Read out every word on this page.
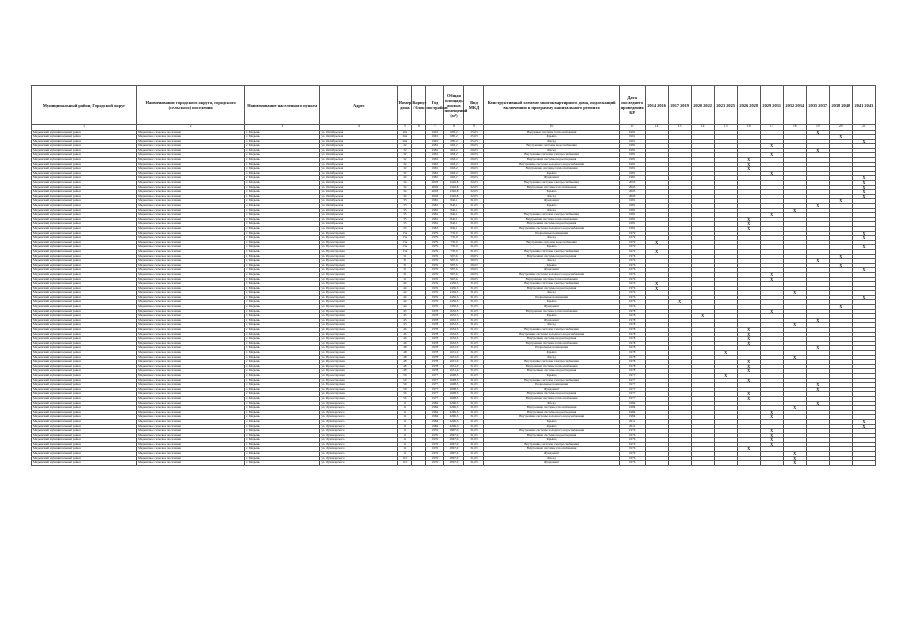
Муниципальный район, Городской округ	Наименование городского округа, городского (сельского) поселения	Наименование населенного пункта	Адрес	Номер дома	Корпус / блок	Год постройки	Общая площадь жилых помещений (м²)	Вид МКД	Конструктивный элемент многоквартирного дома, подлежащий включению в программу капитального ремонта	Дата последнего проведения КР	2014 2016	2017 2019	2020 2022	2023 2025	2026 2028	2029 2031	2032 2034	2035 2037	2038 2040	2041 2043
1	2	3	4	5	6	7	8	9	10	11	12	13	14	15	16	17	18	19	20	21
Медынский муниципальный район	Медынское сельское поселение	г. Медынь	ул. Октябрьская	26а		1991	685,2	25,03	Наружные системы теплоснабжения	1991								X		
Медынский муниципальный район	Медынское сельское поселение	г. Медынь	ул. Октябрьская	26а		1991	685,2	25,03	Крыша	1991									X	
Медынский муниципальный район	Медынское сельское поселение	г. Медынь	ул. Октябрьская	26а		1991	685,2	25,03	Фасад	1991										X
Медынский муниципальный район	Медынское сельское поселение	г. Медынь	ул. Октябрьская	32		1981	663,2	29,03	Внутренние системы водоснабжения	1981						X				
Медынский муниципальный район	Медынское сельское поселение	г. Медынь	ул. Октябрьская	32		1981	663,2	29,03	Фасад	1981								X		
Медынский муниципальный район	Медынское сельское поселение	г. Медынь	ул. Октябрьская	32		1981	663,2	29,03	Внутренние системы электроснабжения	1981						X				
Медынский муниципальный район	Медынское сельское поселение	г. Медынь	ул. Октябрьская	32		1981	663,2	29,03	Внутренние системы водоотведения	1981					X					
Медынский муниципальный район	Медынское сельское поселение	г. Медынь	ул. Октябрьская	32		1981	663,2	29,03	Внутренние системы холодного водоснабжения	1981					X					
Медынский муниципальный район	Медынское сельское поселение	г. Медынь	ул. Октябрьская	32		1981	663,2	29,03	Внутренние системы теплоснабжения	1981					X					
Медынский муниципальный район	Медынское сельское поселение	г. Медынь	ул. Октябрьская	32		1981	663,2	29,03	Крыша	1981						X				
Медынский муниципальный район	Медынское сельское поселение	г. Медынь	ул. Октябрьская	32		1981	663,2	29,03	Фундамент	1981										X
Медынский муниципальный район	Медынское сельское поселение	г. Медынь	ул. Октябрьская	34		2003	1326,8	32,03	Внутренние системы электроснабжения	2003										X
Медынский муниципальный район	Медынское сельское поселение	г. Медынь	ул. Октябрьская	34		2003	1326,8	32,03	Внутренние системы газоснабжения	2003										X
Медынский муниципальный район	Медынское сельское поселение	г. Медынь	ул. Октябрьская	34		2003	1326,8	32,03	Крыша	2003										X
Медынский муниципальный район	Медынское сельское поселение	г. Медынь	ул. Октябрьская	34		2003	1326,8	32,03	Фасад	2003										X
Медынский муниципальный район	Медынское сельское поселение	г. Медынь	ул. Октябрьская	35		1981	842,1	31,03	Фундамент	1981									X	
Медынский муниципальный район	Медынское сельское поселение	г. Медынь	ул. Октябрьская	35		1981	842,1	31,03	Крыша	1981								X		
Медынский муниципальный район	Медынское сельское поселение	г. Медынь	ул. Октябрьская	35		1981	842,1	31,03	Фасад	1981							X			
Медынский муниципальный район	Медынское сельское поселение	г. Медынь	ул. Октябрьская	35		1981	842,1	31,03	Внутренние системы электроснабжения	1981						X				
Медынский муниципальный район	Медынское сельское поселение	г. Медынь	ул. Октябрьская	35		1981	842,1	31,03	Внутренние системы теплоснабжения	1981					X					
Медынский муниципальный район	Медынское сельское поселение	г. Медынь	ул. Октябрьская	35		1981	842,1	31,03	Внутренние системы водоотведения	1981					X					
Медынский муниципальный район	Медынское сельское поселение	г. Медынь	ул. Октябрьская	35		1981	842,1	31,03	Внутренние системы холодного водоснабжения	1981					X					
Медынский муниципальный район	Медынское сельское поселение	г. Медынь	ул. Пролетарская	15а		1979	735,0	31,03	Подвальные помещения	1979										X
Медынский муниципальный район	Медынское сельское поселение	г. Медынь	ул. Пролетарская	15а		1979	735,0	31,03	Фасад	1979										X
Медынский муниципальный район	Медынское сельское поселение	г. Медынь	ул. Пролетарская	15а		1979	735,0	31,03	Внутренние системы водоснабжения	1979	X									
Медынский муниципальный район	Медынское сельское поселение	г. Медынь	ул. Пролетарская	15а		1979	735,0	31,03	Крыша	1979										X
Медынский муниципальный район	Медынское сельское поселение	г. Медынь	ул. Пролетарская	15а		1979	735,0	31,03	Внутренние системы электроснабжения	1979	X									
Медынский муниципальный район	Медынское сельское поселение	г. Медынь	ул. Пролетарская	31		1976	967,6	29,03	Внутренние системы водоотведения	1976									X	
Медынский муниципальный район	Медынское сельское поселение	г. Медынь	ул. Пролетарская	31		1976	967,6	29,03	Фасад	1976								X		
Медынский муниципальный район	Медынское сельское поселение	г. Медынь	ул. Пролетарская	31		1976	967,6	29,03	Крыша	1976									X	
Медынский муниципальный район	Медынское сельское поселение	г. Медынь	ул. Пролетарская	31		1976	967,6	29,03	Фундамент	1976										X
Медынский муниципальный район	Медынское сельское поселение	г. Медынь	ул. Пролетарская	31		1976	967,6	29,03	Внутренние системы холодного водоснабжения	1976						X				
Медынский муниципальный район	Медынское сельское поселение	г. Медынь	ул. Пролетарская	31		1976	967,6	29,03	Внутренние системы теплоснабжения	1976						X				
Медынский муниципальный район	Медынское сельское поселение	г. Медынь	ул. Пролетарская	44		1976	1436,5	31,03	Внутренние системы электроснабжения	1976	X									
Медынский муниципальный район	Медынское сельское поселение	г. Медынь	ул. Пролетарская	44		1976	1436,5	31,03	Внутренние системы водоотведения	1976	X									
Медынский муниципальный район	Медынское сельское поселение	г. Медынь	ул. Пролетарская	44		1976	1436,5	31,03	Фасад	1976							X			
Медынский муниципальный район	Медынское сельское поселение	г. Медынь	ул. Пролетарская	44		1976	1436,5	31,03	Подвальные помещения	1976										X
Медынский муниципальный район	Медынское сельское поселение	г. Медынь	ул. Пролетарская	44		1976	1436,5	31,03	Крыша	1976		X								
Медынский муниципальный район	Медынское сельское поселение	г. Медынь	ул. Пролетарская	44		1976	1436,5	31,03	Фундамент	1976									X	
Медынский муниципальный район	Медынское сельское поселение	г. Медынь	ул. Пролетарская	45		1978	1632,5	31,03	Внутренние системы теплоснабжения	1978						X				
Медынский муниципальный район	Медынское сельское поселение	г. Медынь	ул. Пролетарская	45		1978	1632,5	31,03	Крыша	1978			X							
Медынский муниципальный район	Медынское сельское поселение	г. Медынь	ул. Пролетарская	45		1978	1632,5	31,03	Фундамент	1978								X		
Медынский муниципальный район	Медынское сельское поселение	г. Медынь	ул. Пролетарская	45		1978	1632,5	31,03	Фасад	1978							X			
Медынский муниципальный район	Медынское сельское поселение	г. Медынь	ул. Пролетарская	46		1978	1632,5	31,03	Внутренние системы электроснабжения	1978					X					
Медынский муниципальный район	Медынское сельское поселение	г. Медынь	ул. Пролетарская	46		1978	1632,5	31,03	Внутренние системы холодного водоснабжения	1978					X					
Медынский муниципальный район	Медынское сельское поселение	г. Медынь	ул. Пролетарская	46		1978	1632,5	31,03	Внутренние системы водоотведения	1978					X					
Медынский муниципальный район	Медынское сельское поселение	г. Медынь	ул. Пролетарская	46		1978	1632,5	31,03	Внутренние системы теплоснабжения	1978					X					
Медынский муниципальный район	Медынское сельское поселение	г. Медынь	ул. Пролетарская	48		1978	1631,0	31,03	Подвальные помещения	1978								X		
Медынский муниципальный район	Медынское сельское поселение	г. Медынь	ул. Пролетарская	48		1978	1631,0	31,03	Крыша	1978				X						
Медынский муниципальный район	Медынское сельское поселение	г. Медынь	ул. Пролетарская	48		1978	1631,0	31,03	Фасад	1978							X			
Медынский муниципальный район	Медынское сельское поселение	г. Медынь	ул. Пролетарская	48		1978	1631,0	31,03	Внутренние системы электроснабжения	1978					X					
Медынский муниципальный район	Медынское сельское поселение	г. Медынь	ул. Пролетарская	48		1978	1631,0	31,03	Внутренние системы теплоснабжения	1978					X					
Медынский муниципальный район	Медынское сельское поселение	г. Медынь	ул. Пролетарская	48		1978	1631,0	31,03	Внутренние системы водоотведения	1978					X					
Медынский муниципальный район	Медынское сельское поселение	г. Медынь	ул. Пролетарская	50		1977	1608,5	31,03	Крыша	1977				X						
Медынский муниципальный район	Медынское сельское поселение	г. Медынь	ул. Пролетарская	50		1977	1608,5	31,03	Внутренние системы электроснабжения	1977					X					
Медынский муниципальный район	Медынское сельское поселение	г. Медынь	ул. Пролетарская	50		1977	1608,5	31,03	Подвальные помещения	1977								X		
Медынский муниципальный район	Медынское сельское поселение	г. Медынь	ул. Пролетарская	50		1977	1608,5	31,03	Фундамент	1977								X		
Медынский муниципальный район	Медынское сельское поселение	г. Медынь	ул. Пролетарская	56		1977	1608,5	31,03	Внутренние системы водоотведения	1977					X					
Медынский муниципальный район	Медынское сельское поселение	г. Медынь	ул. Пролетарская	56		1977	1608,5	31,03	Внутренние системы теплоснабжения	1977					X					
Медынский муниципальный район	Медынское сельское поселение	г. Медынь	ул. Луначарского	11		1984	2296,5	31,03	Фасад	1984								X		
Медынский муниципальный район	Медынское сельское поселение	г. Медынь	ул. Луначарского	11		1984	2296,5	31,03	Внутренние системы газоснабжения	1984							X			
Медынский муниципальный район	Медынское сельское поселение	г. Медынь	ул. Луначарского	11		1984	2296,5	31,03	Внутренние системы водоотведения	1984						X				
Медынский муниципальный район	Медынское сельское поселение	г. Медынь	ул. Луначарского	11		1984	2296,5	31,03	Внутренние системы холодного водоснабжения	1984						X				
Медынский муниципальный район	Медынское сельское поселение	г. Медынь	ул. Луначарского	11		1984	2296,5	31,03	Крыша	2011										X
Медынский муниципальный район	Медынское сельское поселение	г. Медынь	ул. Луначарского	11		1984	2296,5	31,03	Крыша	2011										X
Медынский муниципальный район	Медынское сельское поселение	г. Медынь	ул. Луначарского	11		1976	1867,0	31,03	Внутренние системы холодного водоснабжения	1976						X				
Медынский муниципальный район	Медынское сельское поселение	г. Медынь	ул. Луначарского	11		1976	1867,0	31,03	Внутренние системы водоотведения	1976						X				
Медынский муниципальный район	Медынское сельское поселение	г. Медынь	ул. Луначарского	11		1976	1867,0	31,03	Крыша	1976						X				
Медынский муниципальный район	Медынское сельское поселение	г. Медынь	ул. Луначарского	11		1976	1867,0	31,03	Внутренние системы электроснабжения	1976						X				
Медынский муниципальный район	Медынское сельское поселение	г. Медынь	ул. Луначарского	11		1976	1867,0	31,03	Внутренние системы газоснабжения	1976					X					
Медынский муниципальный район	Медынское сельское поселение	г. Медынь	ул. Луначарского	11		1976	1867,0	31,03	Фундамент	1976							X			
Медынский муниципальный район	Медынское сельское поселение	г. Медынь	ул. Луначарского	11б		1976	1867,0	31,03	Фасад	1976							X			
Медынский муниципальный район	Медынское сельское поселение	г. Медынь	ул. Луначарского	11б		1976	1867,0	31,03	Фундамент	1976							X			
